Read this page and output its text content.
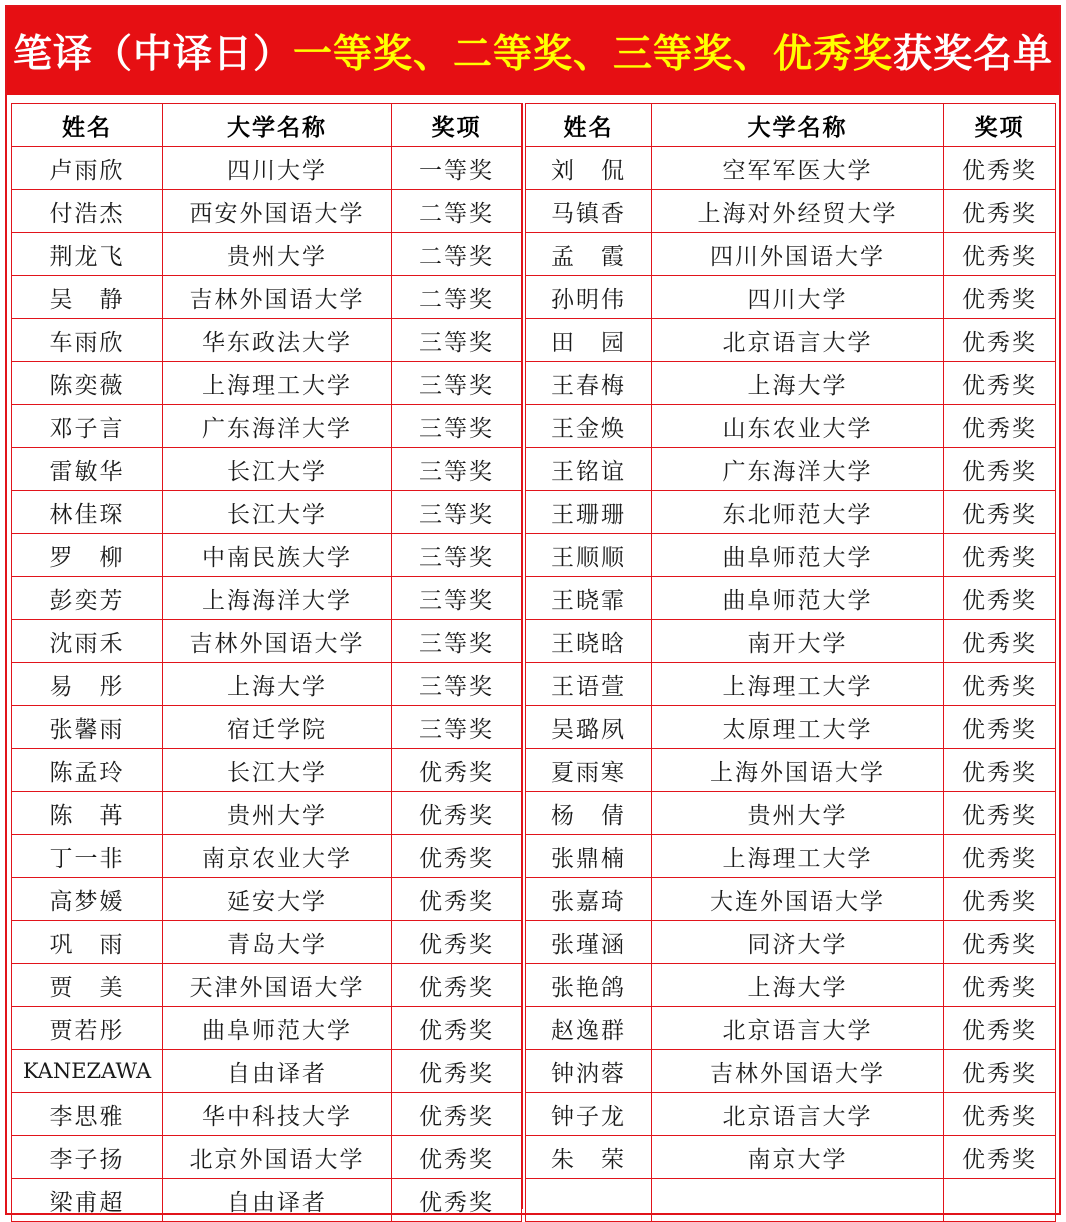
笔译（中译日） 一等奖、二等奖、三等奖、优秀奖 获奖名单
姓名	大学名称	奖项
卢雨欣	四川大学	一等奖
付浩杰	西安外国语大学	二等奖
荆龙飞	贵州大学	二等奖
吴　静	吉林外国语大学	二等奖
车雨欣	华东政法大学	三等奖
陈奕薇	上海理工大学	三等奖
邓子言	广东海洋大学	三等奖
雷敏华	长江大学	三等奖
林佳琛	长江大学	三等奖
罗　柳	中南民族大学	三等奖
彭奕芳	上海海洋大学	三等奖
沈雨禾	吉林外国语大学	三等奖
易　彤	上海大学	三等奖
张馨雨	宿迁学院	三等奖
陈孟玲	长江大学	优秀奖
陈　苒	贵州大学	优秀奖
丁一非	南京农业大学	优秀奖
高梦媛	延安大学	优秀奖
巩　雨	青岛大学	优秀奖
贾　美	天津外国语大学	优秀奖
贾若彤	曲阜师范大学	优秀奖
KANEZAWA	自由译者	优秀奖
李思雅	华中科技大学	优秀奖
李子扬	北京外国语大学	优秀奖
梁甫超	自由译者	优秀奖
姓名	大学名称	奖项
刘　侃	空军军医大学	优秀奖
马镇香	上海对外经贸大学	优秀奖
孟　霞	四川外国语大学	优秀奖
孙明伟	四川大学	优秀奖
田　园	北京语言大学	优秀奖
王春梅	上海大学	优秀奖
王金焕	山东农业大学	优秀奖
王铭谊	广东海洋大学	优秀奖
王珊珊	东北师范大学	优秀奖
王顺顺	曲阜师范大学	优秀奖
王晓霏	曲阜师范大学	优秀奖
王晓晗	南开大学	优秀奖
王语萱	上海理工大学	优秀奖
吴璐夙	太原理工大学	优秀奖
夏雨寒	上海外国语大学	优秀奖
杨　倩	贵州大学	优秀奖
张鼎楠	上海理工大学	优秀奖
张嘉琦	大连外国语大学	优秀奖
张瑾涵	同济大学	优秀奖
张艳鸽	上海大学	优秀奖
赵逸群	北京语言大学	优秀奖
钟汭蓉	吉林外国语大学	优秀奖
钟子龙	北京语言大学	优秀奖
朱　荣	南京大学	优秀奖
